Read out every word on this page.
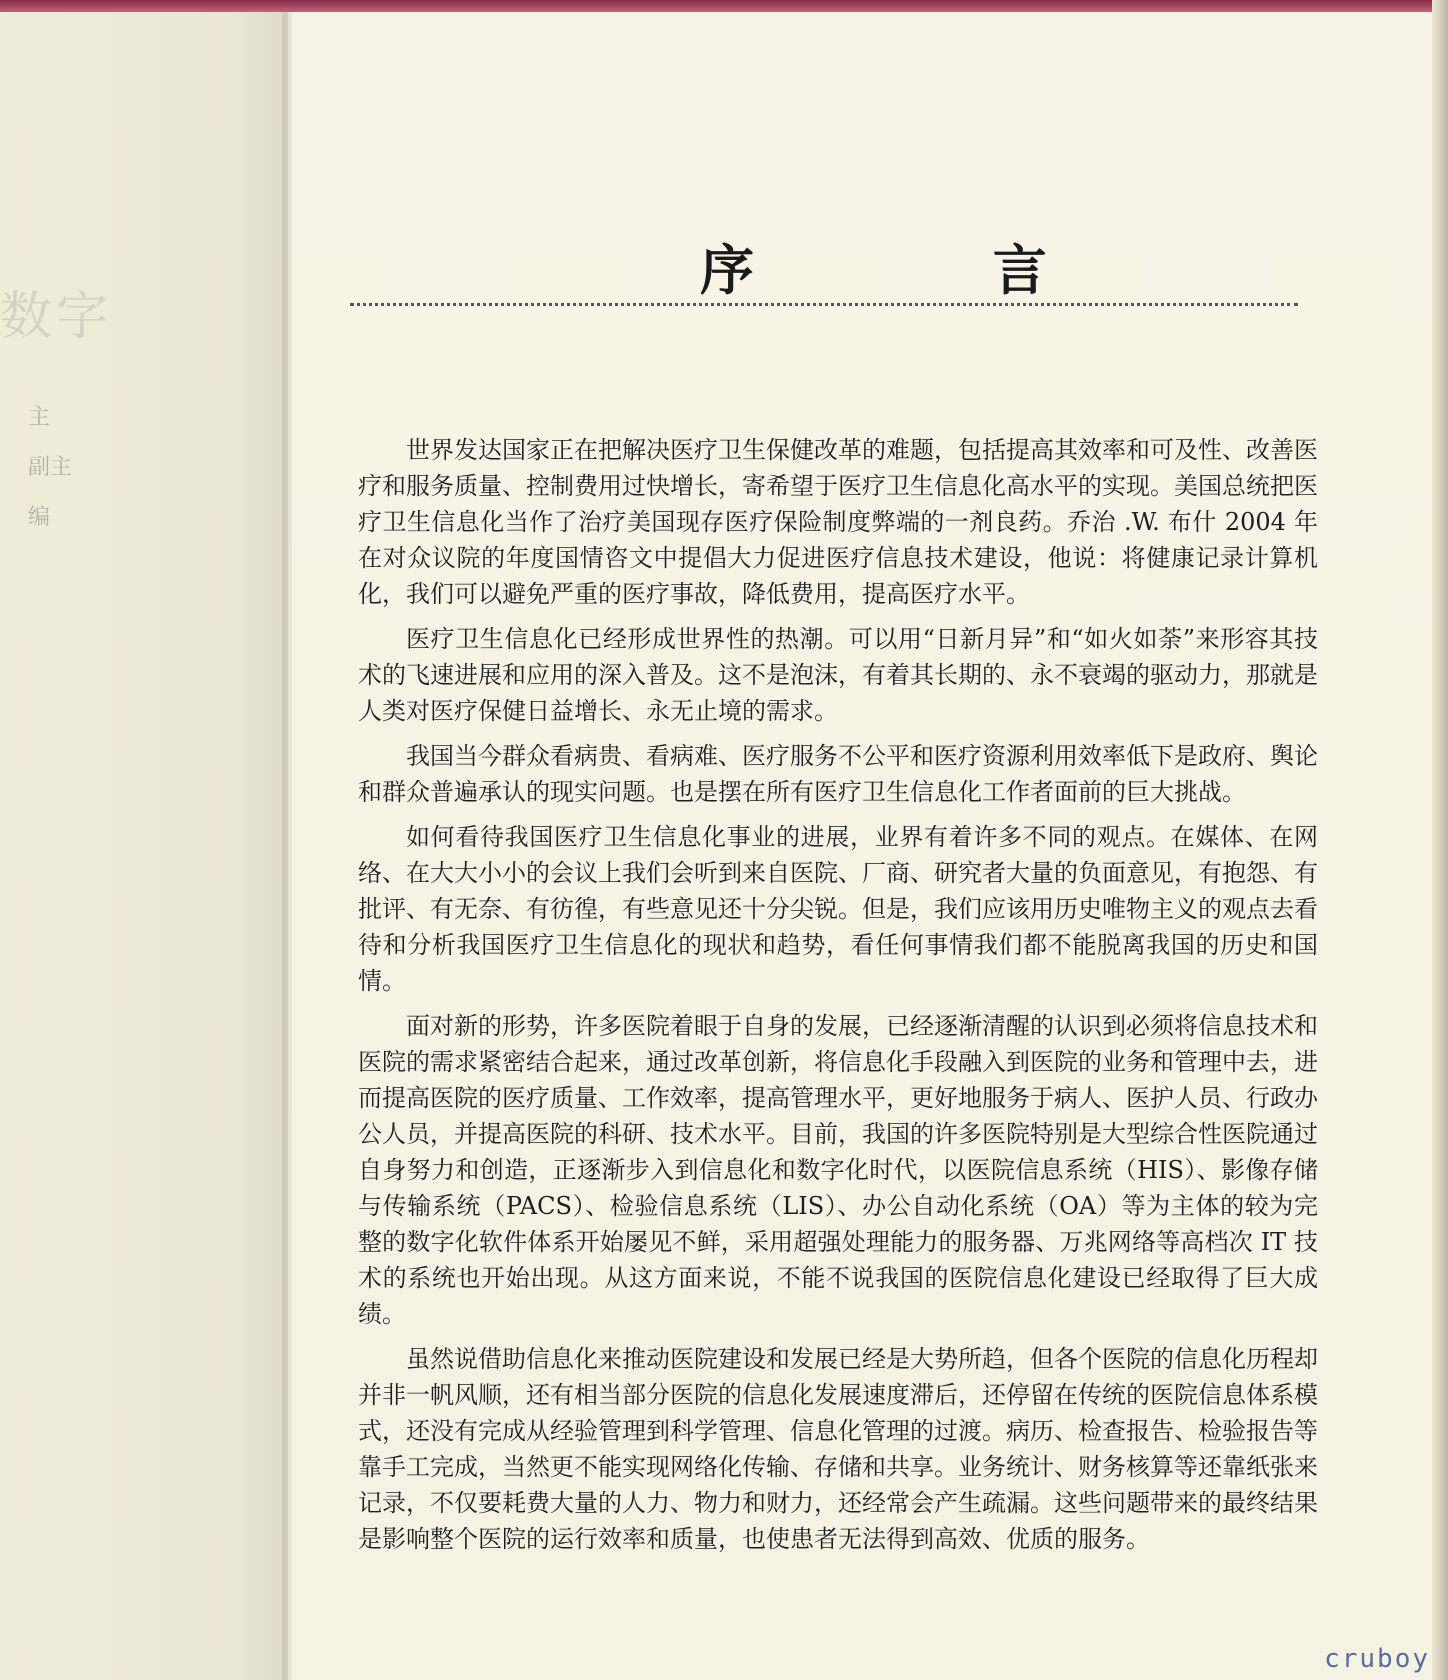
数字
主
副主
编
序 言

世界发达国家正在把解决医疗卫生保健改革的难题，包括提高其效率和可及性、改善医疗和服务质量、控制费用过快增长，寄希望于医疗卫生信息化高水平的实现。美国总统把医疗卫生信息化当作了治疗美国现存医疗保险制度弊端的一剂良药。乔治 .W. 布什 2004 年在对众议院的年度国情咨文中提倡大力促进医疗信息技术建设，他说：将健康记录计算机化，我们可以避免严重的医疗事故，降低费用，提高医疗水平。

医疗卫生信息化已经形成世界性的热潮。可以用“日新月异”和“如火如荼”来形容其技术的飞速进展和应用的深入普及。这不是泡沫，有着其长期的、永不衰竭的驱动力，那就是人类对医疗保健日益增长、永无止境的需求。

我国当今群众看病贵、看病难、医疗服务不公平和医疗资源利用效率低下是政府、舆论和群众普遍承认的现实问题。也是摆在所有医疗卫生信息化工作者面前的巨大挑战。

如何看待我国医疗卫生信息化事业的进展，业界有着许多不同的观点。在媒体、在网络、在大大小小的会议上我们会听到来自医院、厂商、研究者大量的负面意见，有抱怨、有批评、有无奈、有彷徨，有些意见还十分尖锐。但是，我们应该用历史唯物主义的观点去看待和分析我国医疗卫生信息化的现状和趋势，看任何事情我们都不能脱离我国的历史和国情。

面对新的形势，许多医院着眼于自身的发展，已经逐渐清醒的认识到必须将信息技术和医院的需求紧密结合起来，通过改革创新，将信息化手段融入到医院的业务和管理中去，进而提高医院的医疗质量、工作效率，提高管理水平，更好地服务于病人、医护人员、行政办公人员，并提高医院的科研、技术水平。目前，我国的许多医院特别是大型综合性医院通过自身努力和创造，正逐渐步入到信息化和数字化时代，以医院信息系统（HIS）、影像存储与传输系统（PACS）、检验信息系统（LIS）、办公自动化系统（OA）等为主体的较为完整的数字化软件体系开始屡见不鲜，采用超强处理能力的服务器、万兆网络等高档次 IT 技术的系统也开始出现。从这方面来说，不能不说我国的医院信息化建设已经取得了巨大成绩。

虽然说借助信息化来推动医院建设和发展已经是大势所趋，但各个医院的信息化历程却并非一帆风顺，还有相当部分医院的信息化发展速度滞后，还停留在传统的医院信息体系模式，还没有完成从经验管理到科学管理、信息化管理的过渡。病历、检查报告、检验报告等靠手工完成，当然更不能实现网络化传输、存储和共享。业务统计、财务核算等还靠纸张来记录，不仅要耗费大量的人力、物力和财力，还经常会产生疏漏。这些问题带来的最终结果是影响整个医院的运行效率和质量，也使患者无法得到高效、优质的服务。

cruboy
